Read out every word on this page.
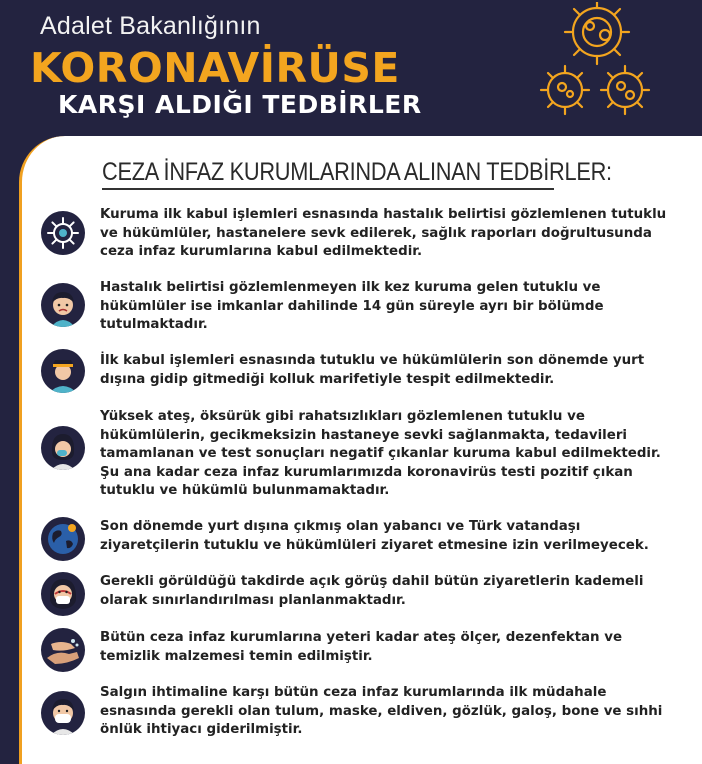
Adalet Bakanlığının
KORONAVİRÜSE
KARŞI ALDIĞI TEDBİRLER
CEZA İNFAZ KURUMLARINDA ALINAN TEDBİRLER:
Kuruma ilk kabul işlemleri esnasında hastalık belirtisi gözlemlenen tutuklu
ve hükümlüler, hastanelere sevk edilerek, sağlık raporları doğrultusunda
ceza infaz kurumlarına kabul edilmektedir.
Hastalık belirtisi gözlemlenmeyen ilk kez kuruma gelen tutuklu ve
hükümlüler ise imkanlar dahilinde 14 gün süreyle ayrı bir bölümde
tutulmaktadır.
İlk kabul işlemleri esnasında tutuklu ve hükümlülerin son dönemde yurt
dışına gidip gitmediği kolluk marifetiyle tespit edilmektedir.
Yüksek ateş, öksürük gibi rahatsızlıkları gözlemlenen tutuklu ve
hükümlülerin, gecikmeksizin hastaneye sevki sağlanmakta, tedavileri
tamamlanan ve test sonuçları negatif çıkanlar kuruma kabul edilmektedir.
Şu ana kadar ceza infaz kurumlarımızda koronavirüs testi pozitif çıkan
tutuklu ve hükümlü bulunmamaktadır.
Son dönemde yurt dışına çıkmış olan yabancı ve Türk vatandaşı
ziyaretçilerin tutuklu ve hükümlüleri ziyaret etmesine izin verilmeyecek.
Gerekli görüldüğü takdirde açık görüş dahil bütün ziyaretlerin kademeli
olarak sınırlandırılması planlanmaktadır.
Bütün ceza infaz kurumlarına yeteri kadar ateş ölçer, dezenfektan ve
temizlik malzemesi temin edilmiştir.
Salgın ihtimaline karşı bütün ceza infaz kurumlarında ilk müdahale
esnasında gerekli olan tulum, maske, eldiven, gözlük, galoş, bone ve sıhhi
önlük ihtiyacı giderilmiştir.
